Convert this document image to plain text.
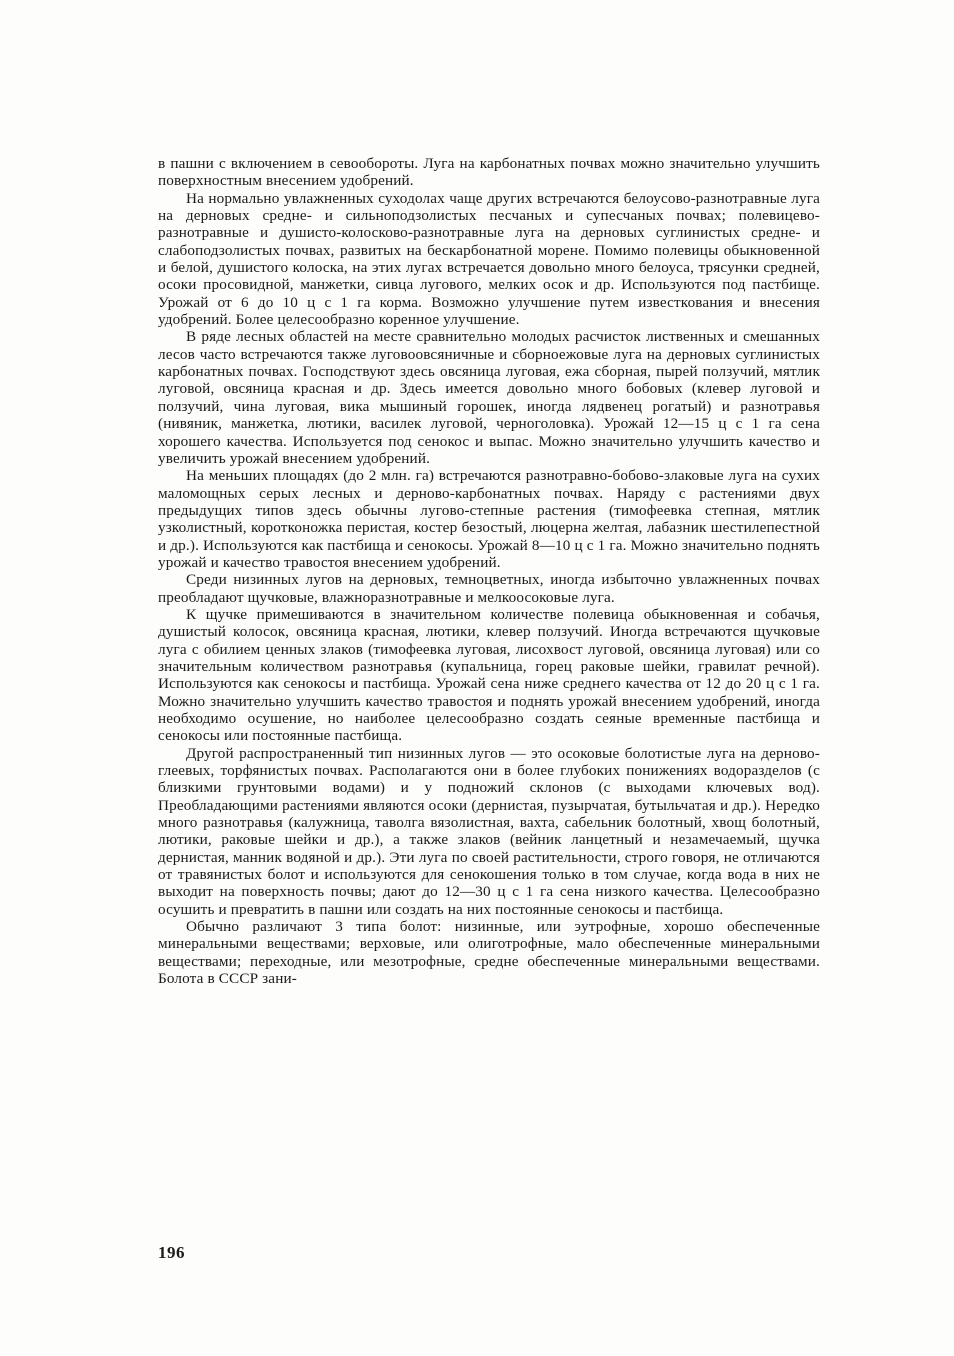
в пашни с включением в севообороты. Луга на карбонатных почвах можно значительно улучшить поверхностным внесением удобрений.

На нормально увлажненных суходолах чаще других встречаются белоусово-разнотравные луга на дерновых средне- и сильноподзолистых песчаных и супесчаных почвах; полевицево-разнотравные и душисто-колосково-разнотравные луга на дерновых суглинистых средне- и слабоподзолистых почвах, развитых на бескарбонатной морене. Помимо полевицы обыкновенной и белой, душистого колоска, на этих лугах встречается довольно много белоуса, трясунки средней, осоки просовидной, манжетки, сивца лугового, мелких осок и др. Используются под пастбище. Урожай от 6 до 10 ц с 1 га корма. Возможно улучшение путем известкования и внесения удобрений. Более целесообразно коренное улучшение.

В ряде лесных областей на месте сравнительно молодых расчисток лиственных и смешанных лесов часто встречаются также луговоовсяничные и сборноежовые луга на дерновых суглинистых карбонатных почвах. Господствуют здесь овсяница луговая, ежа сборная, пырей ползучий, мятлик луговой, овсяница красная и др. Здесь имеется довольно много бобовых (клевер луговой и ползучий, чина луговая, вика мышиный горошек, иногда лядвенец рогатый) и разнотравья (нивяник, манжетка, лютики, василек луговой, черноголовка). Урожай 12—15 ц с 1 га сена хорошего качества. Используется под сенокос и выпас. Можно значительно улучшить качество и увеличить урожай внесением удобрений.

На меньших площадях (до 2 млн. га) встречаются разнотравно-бобово-злаковые луга на сухих маломощных серых лесных и дерново-карбонатных почвах. Наряду с растениями двух предыдущих типов здесь обычны лугово-степные растения (тимофеевка степная, мятлик узколистный, коротконожка перистая, костер безостый, люцерна желтая, лабазник шестилепестной и др.). Используются как пастбища и сенокосы. Урожай 8—10 ц с 1 га. Можно значительно поднять урожай и качество травостоя внесением удобрений.

Среди низинных лугов на дерновых, темноцветных, иногда избыточно увлажненных почвах преобладают щучковые, влажноразнотравные и мелкоосоковые луга.

К щучке примешиваются в значительном количестве полевица обыкновенная и собачья, душистый колосок, овсяница красная, лютики, клевер ползучий. Иногда встречаются щучковые луга с обилием ценных злаков (тимофеевка луговая, лисохвост луговой, овсяница луговая) или со значительным количеством разнотравья (купальница, горец раковые шейки, гравилат речной). Используются как сенокосы и пастбища. Урожай сена ниже среднего качества от 12 до 20 ц с 1 га. Можно значительно улучшить качество травостоя и поднять урожай внесением удобрений, иногда необходимо осушение, но наиболее целесообразно создать сеяные временные пастбища и сенокосы или постоянные пастбища.

Другой распространенный тип низинных лугов — это осоковые болотистые луга на дерново-глеевых, торфянистых почвах. Располагаются они в более глубоких понижениях водоразделов (с близкими грунтовыми водами) и у подножий склонов (с выходами ключевых вод). Преобладающими растениями являются осоки (дернистая, пузырчатая, бутыльчатая и др.). Нередко много разнотравья (калужница, таволга вязолистная, вахта, сабельник болотный, хвощ болотный, лютики, раковые шейки и др.), а также злаков (вейник ланцетный и незамечаемый, щучка дернистая, манник водяной и др.). Эти луга по своей растительности, строго говоря, не отличаются от травянистых болот и используются для сенокошения только в том случае, когда вода в них не выходит на поверхность почвы; дают до 12—30 ц с 1 га сена низкого качества. Целесообразно осушить и превратить в пашни или создать на них постоянные сенокосы и пастбища.

Обычно различают 3 типа болот: низинные, или эутрофные, хорошо обеспеченные минеральными веществами; верховые, или олиготрофные, мало обеспеченные минеральными веществами; переходные, или мезотрофные, средне обеспеченные минеральными веществами. Болота в СССР зани-

196
